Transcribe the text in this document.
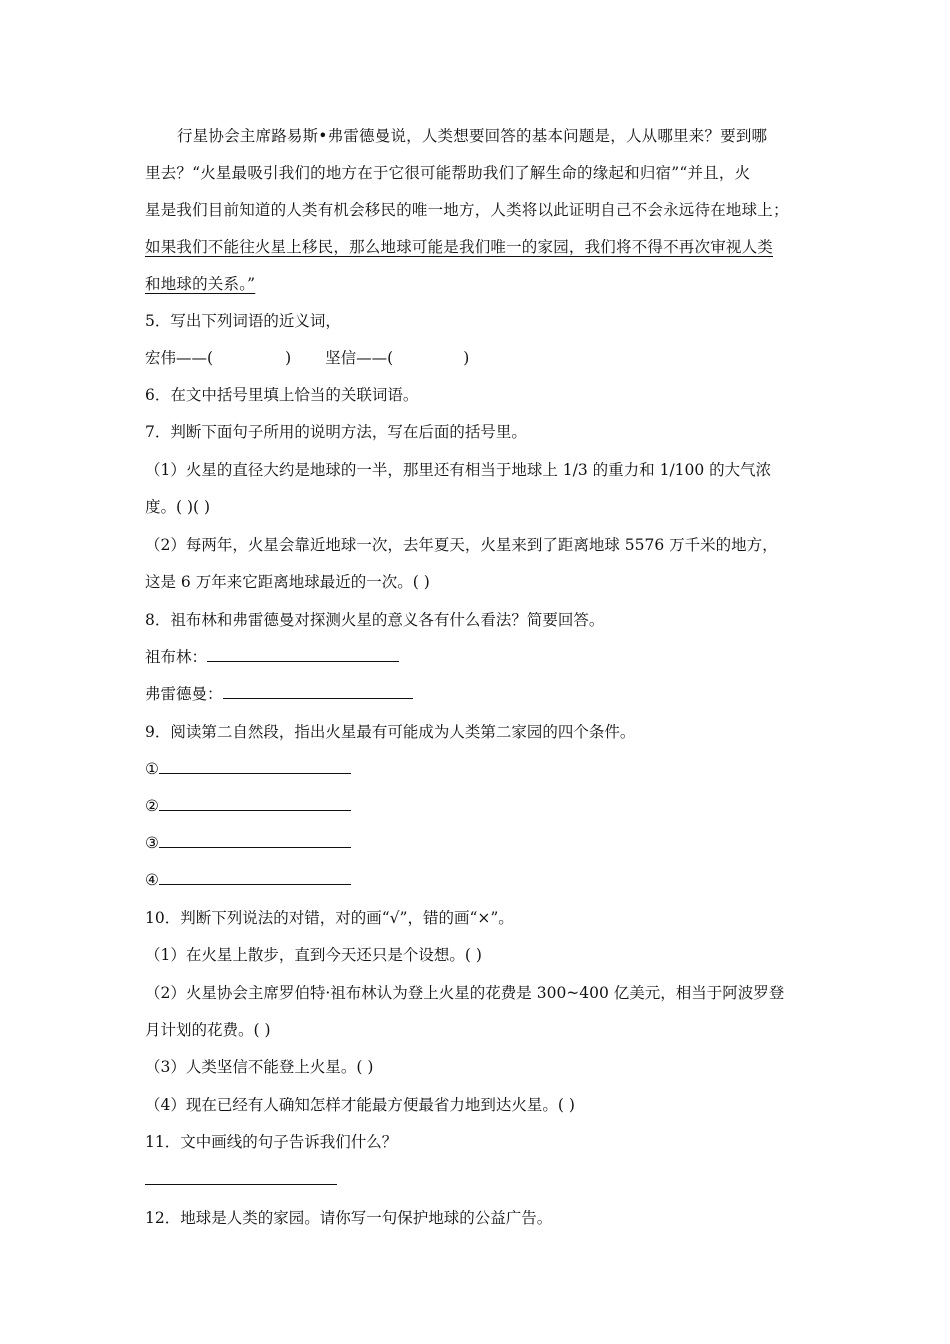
行星协会主席路易斯•弗雷德曼说，人类想要回答的基本问题是，人从哪里来？要到哪
里去？“火星最吸引我们的地方在于它很可能帮助我们了解生命的缘起和归宿”“并且，火
星是我们目前知道的人类有机会移民的唯一地方，人类将以此证明自己不会永远待在地球上；
如果我们不能往火星上移民，那么地球可能是我们唯一的家园，我们将不得不再次审视人类
和地球的关系。”
5．写出下列词语的近义词，
宏伟——(	) 坚信——(	)
6．在文中括号里填上恰当的关联词语。
7．判断下面句子所用的说明方法，写在后面的括号里。
（1）火星的直径大约是地球的一半，那里还有相当于地球上 1/3 的重力和 1/100 的大气浓
度。( )( )
（2）每两年，火星会靠近地球一次，去年夏天，火星来到了距离地球 5576 万千米的地方，
这是 6 万年来它距离地球最近的一次。( )
8．祖布林和弗雷德曼对探测火星的意义各有什么看法？简要回答。
祖布林：
弗雷德曼：
9．阅读第二自然段，指出火星最有可能成为人类第二家园的四个条件。
①
②
③
④
10．判断下列说法的对错，对的画“√”，错的画“×”。
（1）在火星上散步，直到今天还只是个设想。( )
（2）火星协会主席罗伯特·祖布林认为登上火星的花费是 300~400 亿美元，相当于阿波罗登
月计划的花费。( )
（3）人类坚信不能登上火星。( )
（4）现在已经有人确知怎样才能最方便最省力地到达火星。( )
11．文中画线的句子告诉我们什么？
12．地球是人类的家园。请你写一句保护地球的公益广告。
